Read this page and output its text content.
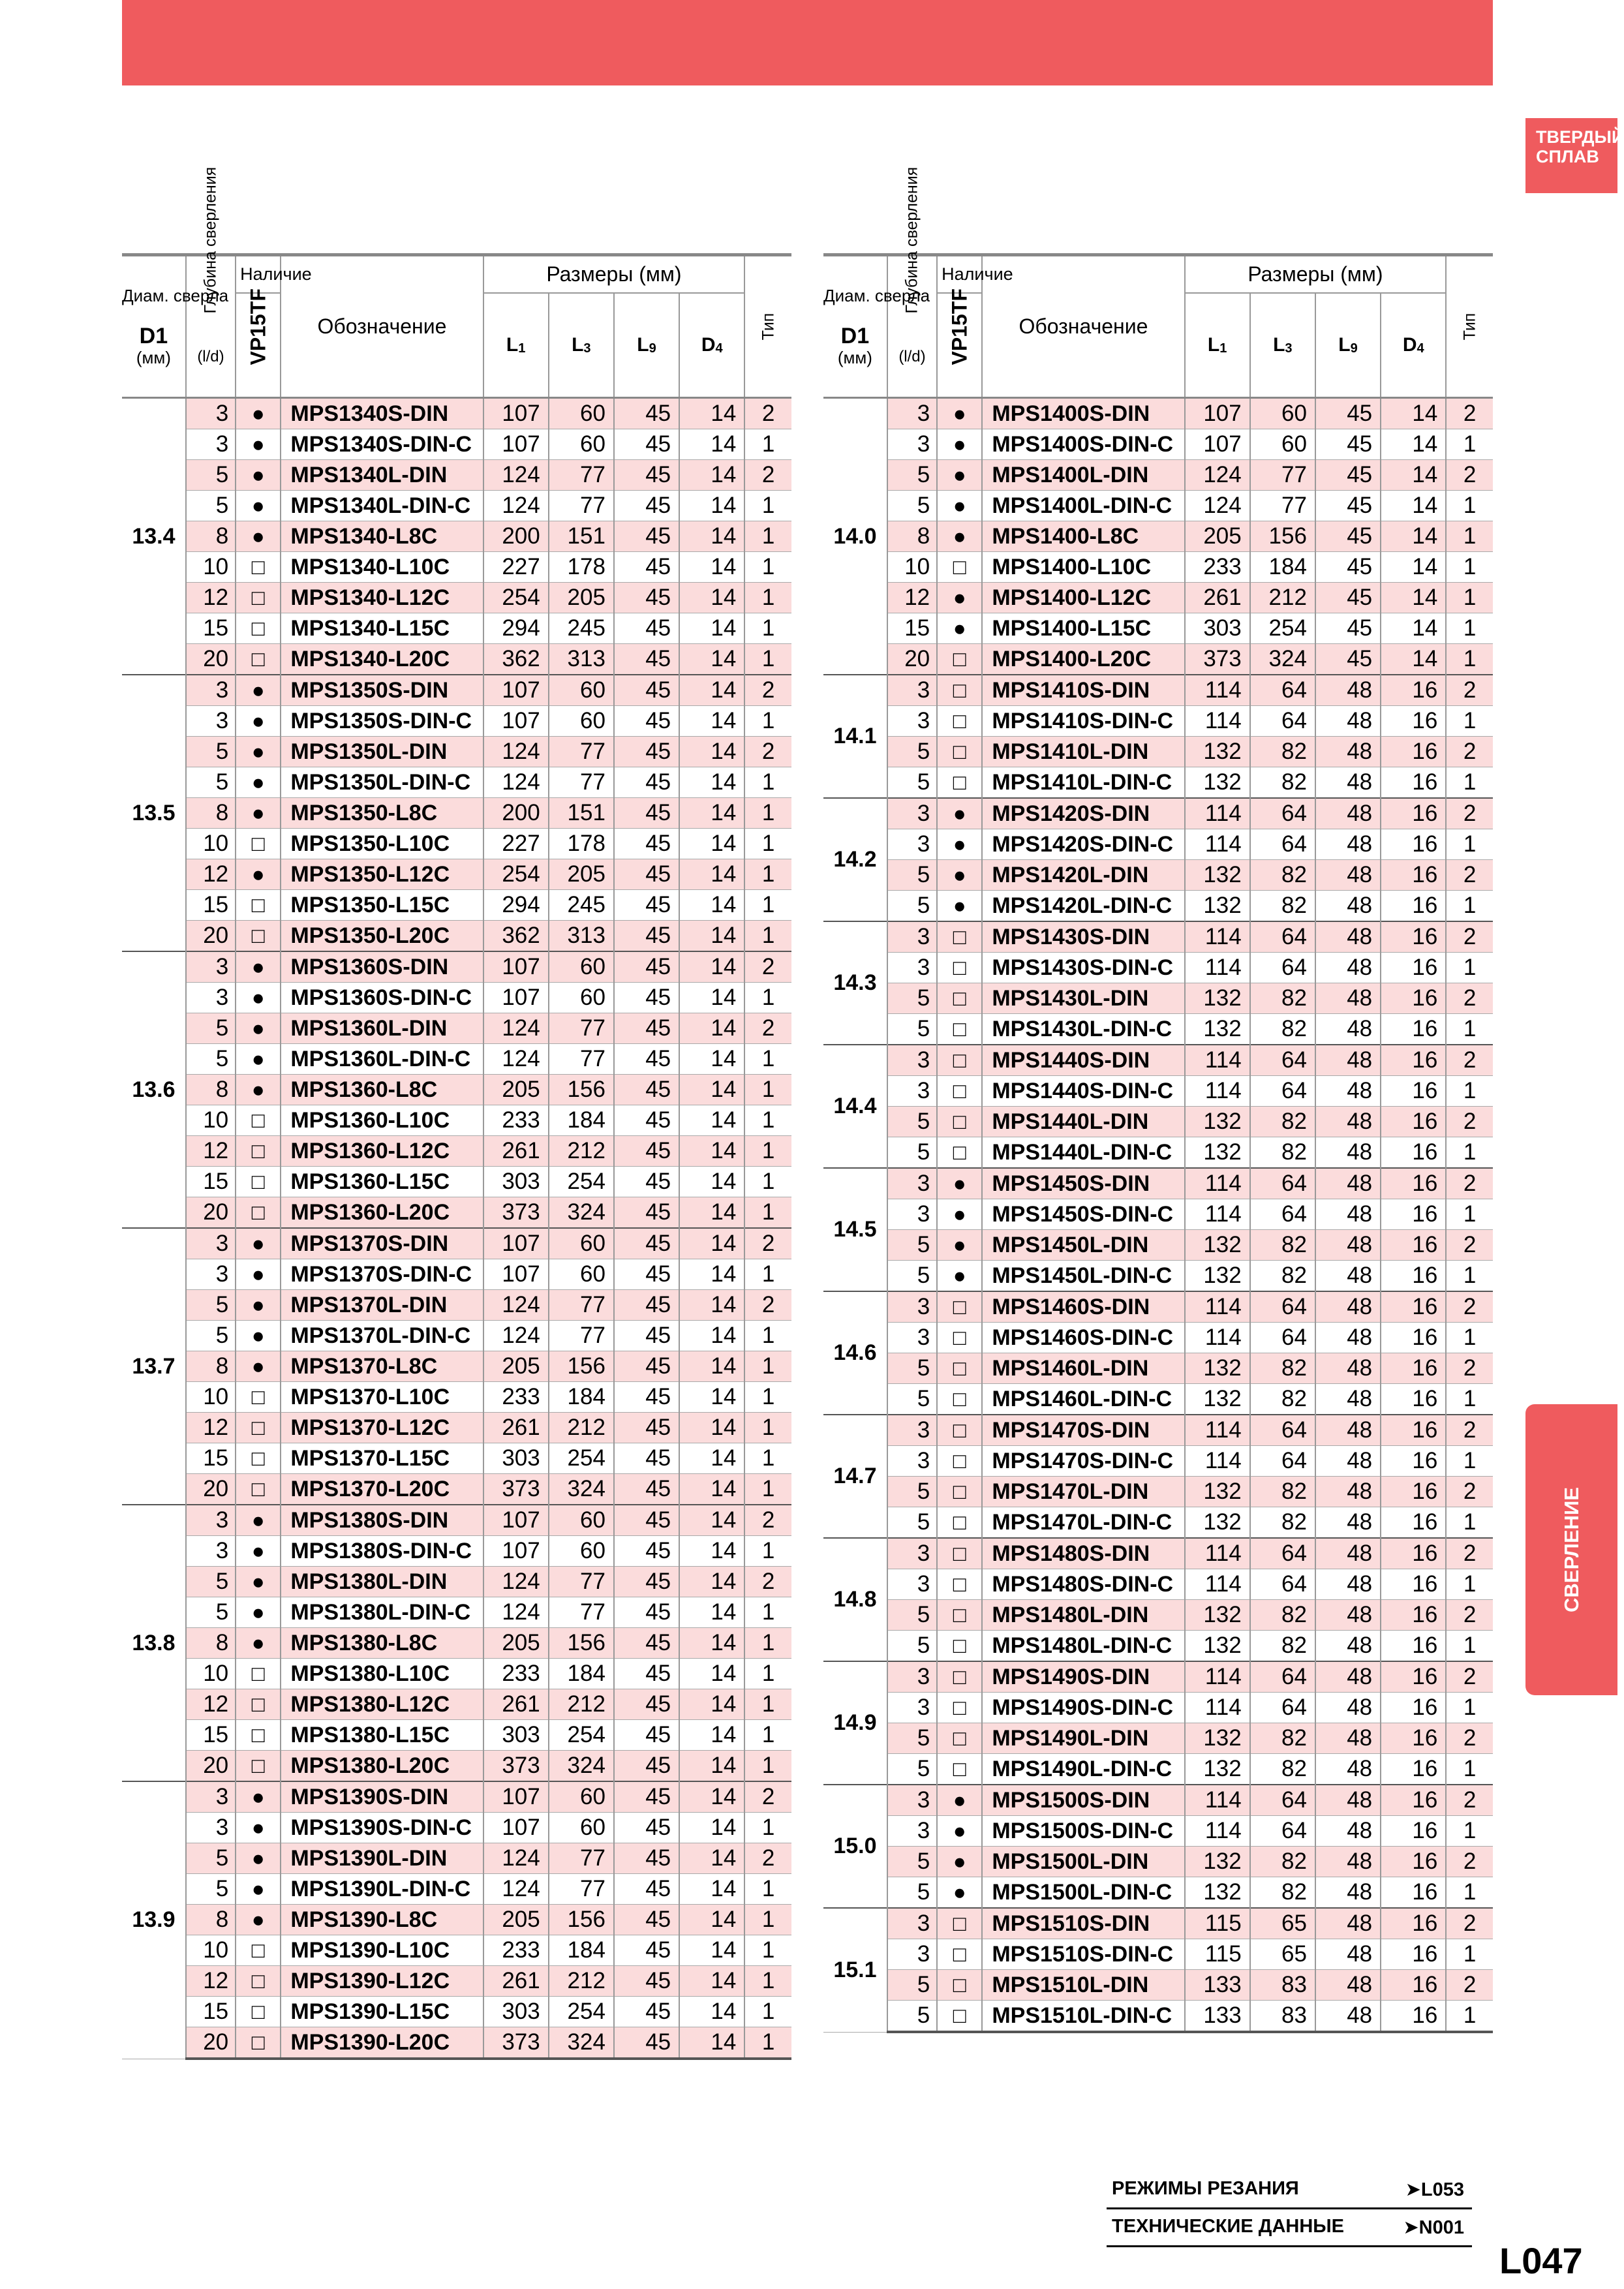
ТВЕРДЫЙ СПЛАВ
СВЕРЛЕНИЕ
Диам. сверла

D1
(мм)	Глубина сверления
(l/d)	Наличие	Обозначение	Размеры (мм)				Тип

		VP15TF		$L_1$	$L_3$	$L_9$	$D_4$
13.4	3	●	MPS1340S-DIN	107	60	45	14	2
	3	●	MPS1340S-DIN-C	107	60	45	14	1
	5	●	MPS1340L-DIN	124	77	45	14	2
	5	●	MPS1340L-DIN-C	124	77	45	14	1
	8	●	MPS1340-L8C	200	151	45	14	1
	10	□	MPS1340-L10C	227	178	45	14	1
	12	□	MPS1340-L12C	254	205	45	14	1
	15	□	MPS1340-L15C	294	245	45	14	1
	20	□	MPS1340-L20C	362	313	45	14	1
13.5	3	●	MPS1350S-DIN	107	60	45	14	2
	3	●	MPS1350S-DIN-C	107	60	45	14	1
	5	●	MPS1350L-DIN	124	77	45	14	2
	5	●	MPS1350L-DIN-C	124	77	45	14	1
	8	●	MPS1350-L8C	200	151	45	14	1
	10	□	MPS1350-L10C	227	178	45	14	1
	12	●	MPS1350-L12C	254	205	45	14	1
	15	□	MPS1350-L15C	294	245	45	14	1
	20	□	MPS1350-L20C	362	313	45	14	1
13.6	3	●	MPS1360S-DIN	107	60	45	14	2
	3	●	MPS1360S-DIN-C	107	60	45	14	1
	5	●	MPS1360L-DIN	124	77	45	14	2
	5	●	MPS1360L-DIN-C	124	77	45	14	1
	8	●	MPS1360-L8C	205	156	45	14	1
	10	□	MPS1360-L10C	233	184	45	14	1
	12	□	MPS1360-L12C	261	212	45	14	1
	15	□	MPS1360-L15C	303	254	45	14	1
	20	□	MPS1360-L20C	373	324	45	14	1
13.7	3	●	MPS1370S-DIN	107	60	45	14	2
	3	●	MPS1370S-DIN-C	107	60	45	14	1
	5	●	MPS1370L-DIN	124	77	45	14	2
	5	●	MPS1370L-DIN-C	124	77	45	14	1
	8	●	MPS1370-L8C	205	156	45	14	1
	10	□	MPS1370-L10C	233	184	45	14	1
	12	□	MPS1370-L12C	261	212	45	14	1
	15	□	MPS1370-L15C	303	254	45	14	1
	20	□	MPS1370-L20C	373	324	45	14	1
13.8	3	●	MPS1380S-DIN	107	60	45	14	2
	3	●	MPS1380S-DIN-C	107	60	45	14	1
	5	●	MPS1380L-DIN	124	77	45	14	2
	5	●	MPS1380L-DIN-C	124	77	45	14	1
	8	●	MPS1380-L8C	205	156	45	14	1
	10	□	MPS1380-L10C	233	184	45	14	1
	12	□	MPS1380-L12C	261	212	45	14	1
	15	□	MPS1380-L15C	303	254	45	14	1
	20	□	MPS1380-L20C	373	324	45	14	1
13.9	3	●	MPS1390S-DIN	107	60	45	14	2
	3	●	MPS1390S-DIN-C	107	60	45	14	1
	5	●	MPS1390L-DIN	124	77	45	14	2
	5	●	MPS1390L-DIN-C	124	77	45	14	1
	8	●	MPS1390-L8C	205	156	45	14	1
	10	□	MPS1390-L10C	233	184	45	14	1
	12	□	MPS1390-L12C	261	212	45	14	1
	15	□	MPS1390-L15C	303	254	45	14	1
	20	□	MPS1390-L20C	373	324	45	14	1
Диам. сверла

D1
(мм)	Глубина сверления
(l/d)	Наличие	Обозначение	Размеры (мм)				Тип

		VP15TF		$L_1$	$L_3$	$L_9$	$D_4$
14.0	3	●	MPS1400S-DIN	107	60	45	14	2
	3	●	MPS1400S-DIN-C	107	60	45	14	1
	5	●	MPS1400L-DIN	124	77	45	14	2
	5	●	MPS1400L-DIN-C	124	77	45	14	1
	8	●	MPS1400-L8C	205	156	45	14	1
	10	□	MPS1400-L10C	233	184	45	14	1
	12	●	MPS1400-L12C	261	212	45	14	1
	15	●	MPS1400-L15C	303	254	45	14	1
	20	□	MPS1400-L20C	373	324	45	14	1
14.1	3	□	MPS1410S-DIN	114	64	48	16	2
	3	□	MPS1410S-DIN-C	114	64	48	16	1
	5	□	MPS1410L-DIN	132	82	48	16	2
	5	□	MPS1410L-DIN-C	132	82	48	16	1
14.2	3	●	MPS1420S-DIN	114	64	48	16	2
	3	●	MPS1420S-DIN-C	114	64	48	16	1
	5	●	MPS1420L-DIN	132	82	48	16	2
	5	●	MPS1420L-DIN-C	132	82	48	16	1
14.3	3	□	MPS1430S-DIN	114	64	48	16	2
	3	□	MPS1430S-DIN-C	114	64	48	16	1
	5	□	MPS1430L-DIN	132	82	48	16	2
	5	□	MPS1430L-DIN-C	132	82	48	16	1
14.4	3	□	MPS1440S-DIN	114	64	48	16	2
	3	□	MPS1440S-DIN-C	114	64	48	16	1
	5	□	MPS1440L-DIN	132	82	48	16	2
	5	□	MPS1440L-DIN-C	132	82	48	16	1
14.5	3	●	MPS1450S-DIN	114	64	48	16	2
	3	●	MPS1450S-DIN-C	114	64	48	16	1
	5	●	MPS1450L-DIN	132	82	48	16	2
	5	●	MPS1450L-DIN-C	132	82	48	16	1
14.6	3	□	MPS1460S-DIN	114	64	48	16	2
	3	□	MPS1460S-DIN-C	114	64	48	16	1
	5	□	MPS1460L-DIN	132	82	48	16	2
	5	□	MPS1460L-DIN-C	132	82	48	16	1
14.7	3	□	MPS1470S-DIN	114	64	48	16	2
	3	□	MPS1470S-DIN-C	114	64	48	16	1
	5	□	MPS1470L-DIN	132	82	48	16	2
	5	□	MPS1470L-DIN-C	132	82	48	16	1
14.8	3	□	MPS1480S-DIN	114	64	48	16	2
	3	□	MPS1480S-DIN-C	114	64	48	16	1
	5	□	MPS1480L-DIN	132	82	48	16	2
	5	□	MPS1480L-DIN-C	132	82	48	16	1
14.9	3	□	MPS1490S-DIN	114	64	48	16	2
	3	□	MPS1490S-DIN-C	114	64	48	16	1
	5	□	MPS1490L-DIN	132	82	48	16	2
	5	□	MPS1490L-DIN-C	132	82	48	16	1
15.0	3	●	MPS1500S-DIN	114	64	48	16	2
	3	●	MPS1500S-DIN-C	114	64	48	16	1
	5	●	MPS1500L-DIN	132	82	48	16	2
	5	●	MPS1500L-DIN-C	132	82	48	16	1
15.1	3	□	MPS1510S-DIN	115	65	48	16	2
	3	□	MPS1510S-DIN-C	115	65	48	16	1
	5	□	MPS1510L-DIN	133	83	48	16	2
	5	□	MPS1510L-DIN-C	133	83	48	16	1
РЕЖИМЫ РЕЗАНИЯ	➤L053
ТЕХНИЧЕСКИЕ ДАННЫЕ	➤N001
L047
